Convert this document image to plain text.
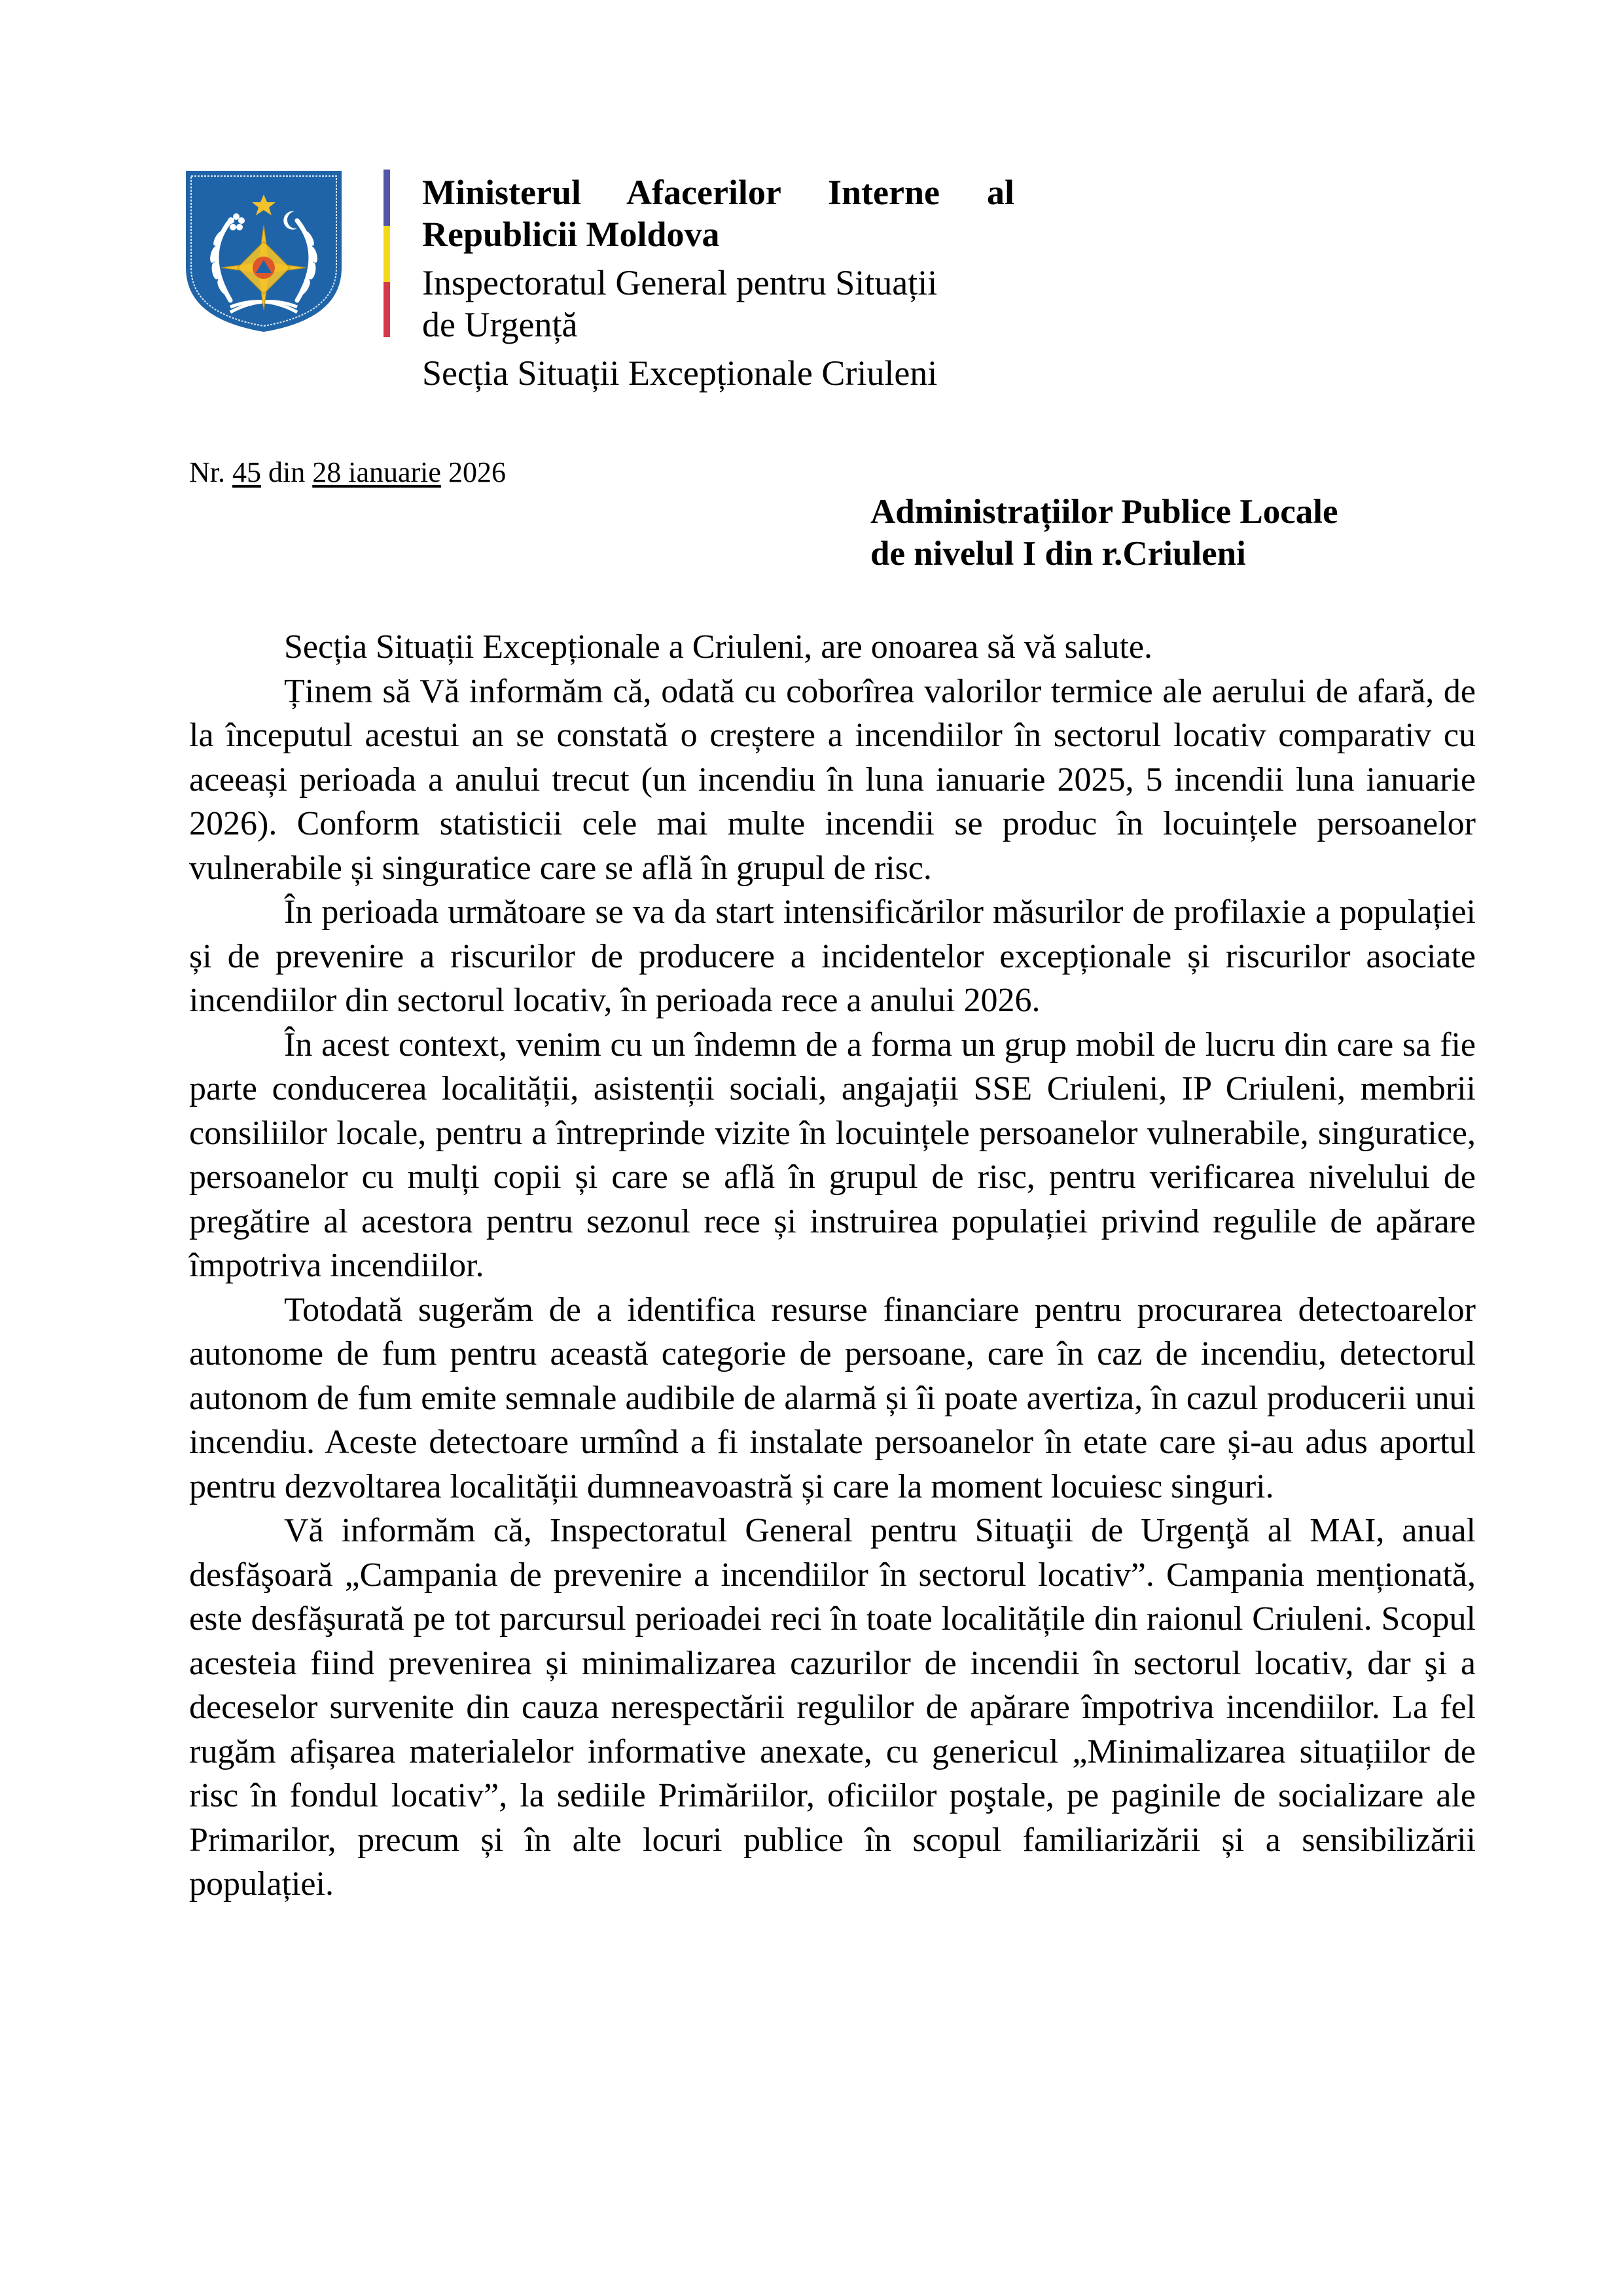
Ministerul Afacerilor Interne al
Republicii Moldova
Inspectoratul General pentru Situații
de Urgență
Secția Situații Excepționale Criuleni
Nr. 45 din 28 ianuarie 2026
Administrațiilor Publice Locale
de nivelul I din r.Criuleni

Secția Situații Excepționale a Criuleni, are onoarea să vă salute.

Ținem să Vă informăm că, odată cu coborîrea valorilor termice ale aerului de afară, de la începutul acestui an se constată o creștere a incendiilor în sectorul locativ comparativ cu aceeași perioada a anului trecut (un incendiu în luna ianuarie 2025, 5 incendii luna ianuarie 2026). Conform statisticii cele mai multe incendii se produc în locuințele persoanelor vulnerabile și singuratice care se află în grupul de risc.

În perioada următoare se va da start intensificărilor măsurilor de profilaxie a populației și de prevenire a riscurilor de producere a incidentelor excepționale și riscurilor asociate incendiilor din sectorul locativ, în perioada rece a anului 2026.

În acest context, venim cu un îndemn de a forma un grup mobil de lucru din care sa fie parte conducerea localității, asistenții sociali, angajații SSE Criuleni, IP Criuleni, membrii consiliilor locale, pentru a întreprinde vizite în locuințele persoanelor vulnerabile, singuratice, persoanelor cu mulți copii și care se află în grupul de risc, pentru verificarea nivelului de pregătire al acestora pentru sezonul rece și instruirea populației privind regulile de apărare împotriva incendiilor.

Totodată sugerăm de a identifica resurse financiare pentru procurarea detectoarelor autonome de fum pentru această categorie de persoane, care în caz de incendiu, detectorul autonom de fum emite semnale audibile de alarmă și îi poate avertiza, în cazul producerii unui incendiu. Aceste detectoare urmînd a fi instalate persoanelor în etate care și-au adus aportul pentru dezvoltarea localității dumneavoastră și care la moment locuiesc singuri.

Vă informăm că, Inspectoratul General pentru Situaţii de Urgenţă al MAI, anual desfăşoară „Campania de prevenire a incendiilor în sectorul locativ”. Campania menționată, este desfăşurată pe tot parcursul perioadei reci în toate localitățile din raionul Criuleni. Scopul acesteia fiind prevenirea și minimalizarea cazurilor de incendii în sectorul locativ, dar şi a deceselor survenite din cauza nerespectării regulilor de apărare împotriva incendiilor. La fel rugăm afișarea materialelor informative anexate, cu genericul „Minimalizarea situațiilor de risc în fondul locativ”, la sediile Primăriilor, oficiilor poştale, pe paginile de socializare ale Primarilor, precum și în alte locuri publice în scopul familiarizării și a sensibilizării populației.
